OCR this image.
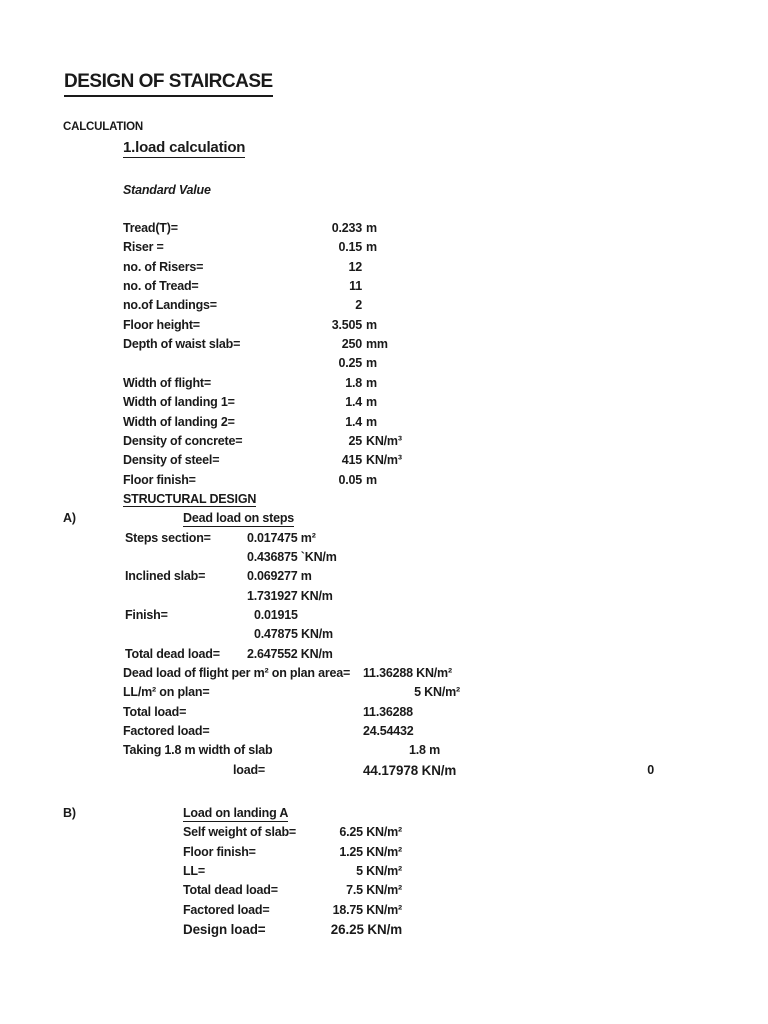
DESIGN OF STAIRCASE
CALCULATION
1.load calculation
Standard Value
Tread(T)=	0.233 m
Riser =	0.15 m
no. of Risers=	12
no. of Tread=	11
no.of Landings=	2
Floor height=	3.505 m
Depth of waist slab=	250 mm
0.25 m
Width of flight=	1.8 m
Width of landing 1=	1.4 m
Width of landing 2=	1.4 m
Density of concrete=	25 KN/m³
Density of steel=	415 KN/m³
Floor finish=	0.05 m
STRUCTURAL DESIGN
A)	Dead load on steps
Steps section=	0.017475 m²
0.436875 `KN/m
Inclined slab=	0.069277 m
1.731927 KN/m
Finish=	0.01915
0.47875 KN/m
Total dead load= 2.647552 KN/m
Dead load of flight per m² on plan area= 11.36288 KN/m²
LL/m² on plan=	5 KN/m²
Total load=	11.36288
Factored load=	24.54432
Taking 1.8 m width of slab	1.8 m
load=	44.17978 KN/m	0
B)	Load on landing A
Self weight of slab=	6.25 KN/m²
Floor finish=	1.25 KN/m²
LL=	5 KN/m²
Total dead load=	7.5 KN/m²
Factored load=	18.75 KN/m²
Design load=	26.25 KN/m
